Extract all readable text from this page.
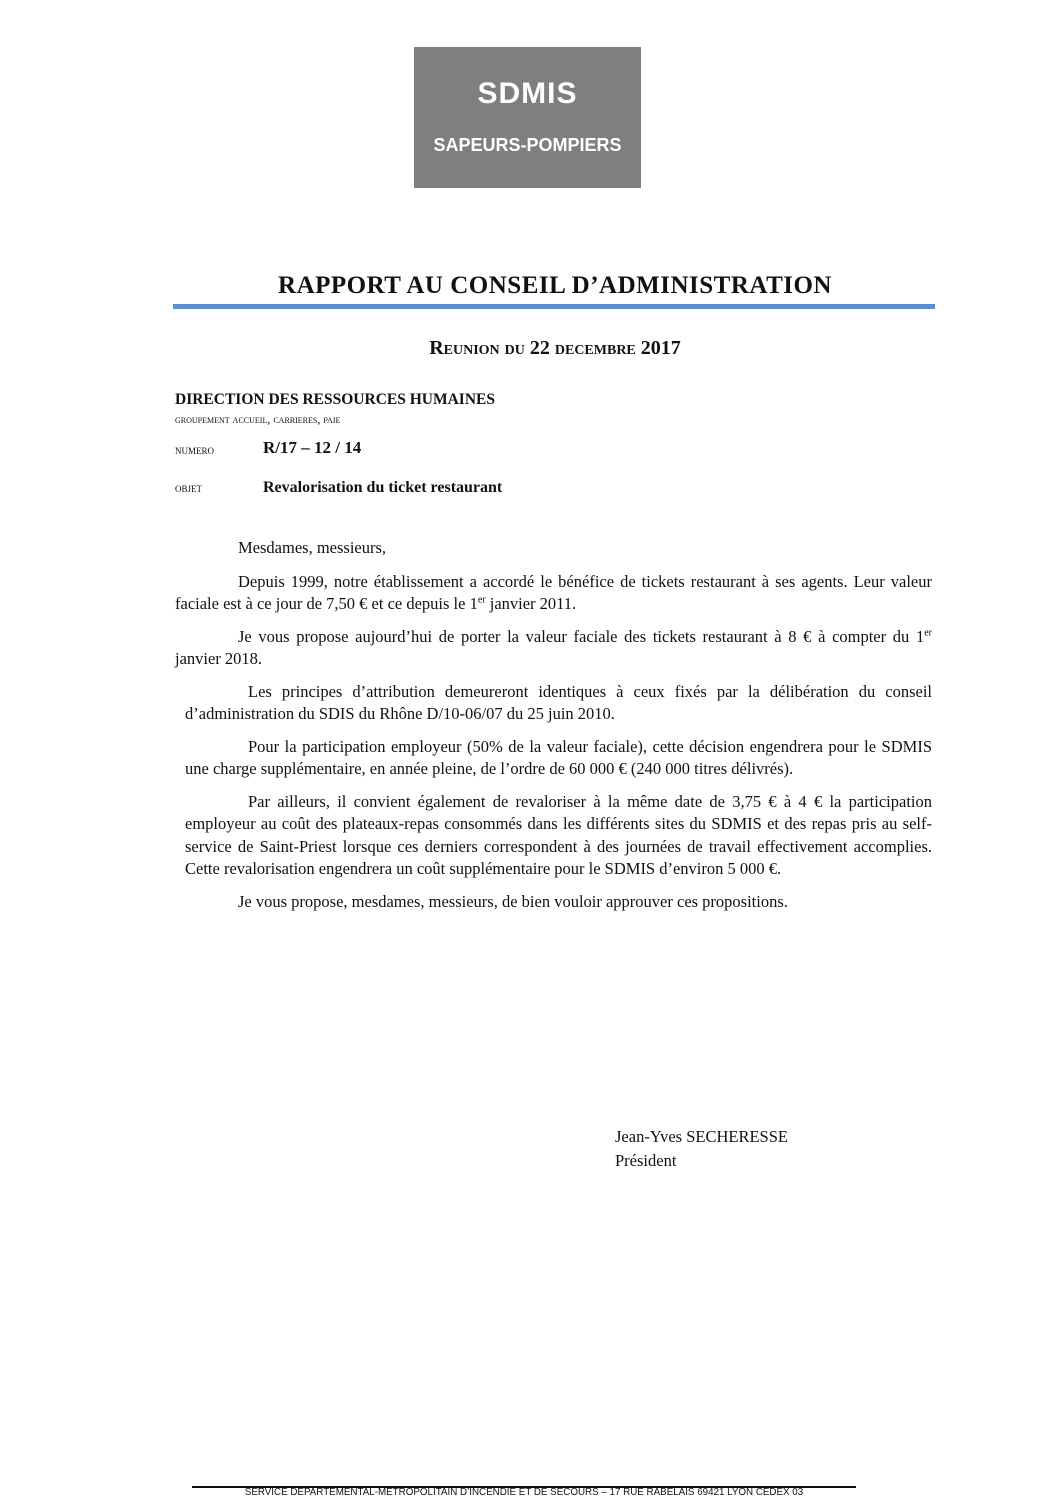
SDMIS
SAPEURS-POMPIERS
RAPPORT AU CONSEIL D’ADMINISTRATION
Reunion du 22 decembre 2017
DIRECTION DES RESSOURCES HUMAINES
groupement accueil, carrieres, paie
numero	R/17 – 12 / 14
objet	Revalorisation du ticket restaurant

Mesdames, messieurs,

Depuis 1999, notre établissement a accordé le bénéfice de tickets restaurant à ses agents. Leur valeur faciale est à ce jour de 7,50 € et ce depuis le 1er janvier 2011.

Je vous propose aujourd’hui de porter la valeur faciale des tickets restaurant à 8 € à compter du 1er janvier 2018.

Les principes d’attribution demeureront identiques à ceux fixés par la délibération du conseil d’administration du SDIS du Rhône D/10-06/07 du 25 juin 2010.

Pour la participation employeur (50% de la valeur faciale), cette décision engendrera pour le SDMIS une charge supplémentaire, en année pleine, de l’ordre de 60 000 € (240 000 titres délivrés).

Par ailleurs, il convient également de revaloriser à la même date de 3,75 € à 4 € la participation employeur au coût des plateaux-repas consommés dans les différents sites du SDMIS et des repas pris au self-service de Saint-Priest lorsque ces derniers correspondent à des journées de travail effectivement accomplies. Cette revalorisation engendrera un coût supplémentaire pour le SDMIS d’environ 5 000 €.

Je vous propose, mesdames, messieurs, de bien vouloir approuver ces propositions.

Jean-Yves SECHERESSE
Président
SERVICE DÉPARTEMENTAL-MÉTROPOLITAIN D’INCENDIE ET DE SECOURS – 17 RUE RABELAIS 69421 LYON CEDEX 03
